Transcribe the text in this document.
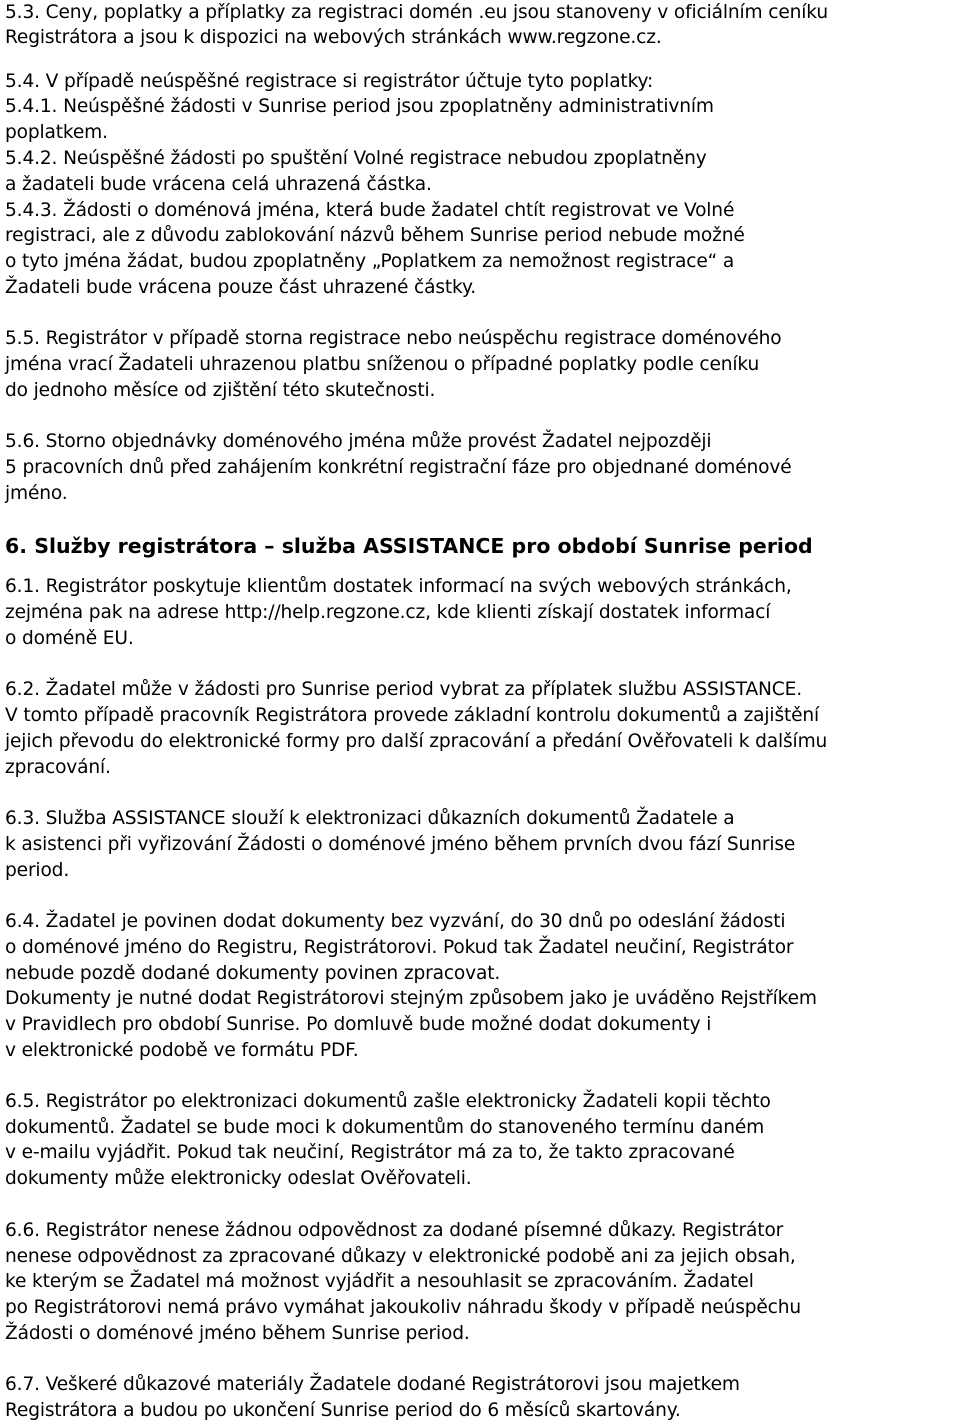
5.3. Ceny, poplatky a příplatky za registraci domén .eu jsou stanoveny v oficiálním ceníku

Registrátora a jsou k dispozici na webových stránkách www.regzone.cz.

5.4. V případě neúspěšné registrace si registrátor účtuje tyto poplatky:

5.4.1. Neúspěšné žádosti v Sunrise period jsou zpoplatněny administrativním

poplatkem.

5.4.2. Neúspěšné žádosti po spuštění Volné registrace nebudou zpoplatněny

a žadateli bude vrácena celá uhrazená částka.

5.4.3. Žádosti o doménová jména, která bude žadatel chtít registrovat ve Volné

registraci, ale z důvodu zablokování názvů během Sunrise period nebude možné

o tyto jména žádat, budou zpoplatněny „Poplatkem za nemožnost registrace“ a

Žadateli bude vrácena pouze část uhrazené částky.

5.5. Registrátor v případě storna registrace nebo neúspěchu registrace doménového

jména vrací Žadateli uhrazenou platbu sníženou o případné poplatky podle ceníku

do jednoho měsíce od zjištění této skutečnosti.

5.6. Storno objednávky doménového jména může provést Žadatel nejpozději

5 pracovních dnů před zahájením konkrétní registrační fáze pro objednané doménové

jméno.

6. Služby registrátora – služba ASSISTANCE pro období Sunrise period

6.1. Registrátor poskytuje klientům dostatek informací na svých webových stránkách,

zejména pak na adrese http://help.regzone.cz, kde klienti získají dostatek informací

o doméně EU.

6.2. Žadatel může v žádosti pro Sunrise period vybrat za příplatek službu ASSISTANCE.

V tomto případě pracovník Registrátora provede základní kontrolu dokumentů a zajištění

jejich převodu do elektronické formy pro další zpracování a předání Ověřovateli k dalšímu

zpracování.

6.3. Služba ASSISTANCE slouží k elektronizaci důkazních dokumentů Žadatele a

k asistenci při vyřizování Žádosti o doménové jméno během prvních dvou fází Sunrise

period.

6.4. Žadatel je povinen dodat dokumenty bez vyzvání, do 30 dnů po odeslání žádosti

o doménové jméno do Registru, Registrátorovi. Pokud tak Žadatel neučiní, Registrátor

nebude pozdě dodané dokumenty povinen zpracovat.

Dokumenty je nutné dodat Registrátorovi stejným způsobem jako je uváděno Rejstříkem

v Pravidlech pro období Sunrise. Po domluvě bude možné dodat dokumenty i

v elektronické podobě ve formátu PDF.

6.5. Registrátor po elektronizaci dokumentů zašle elektronicky Žadateli kopii těchto

dokumentů. Žadatel se bude moci k dokumentům do stanoveného termínu daném

v e-mailu vyjádřit. Pokud tak neučiní, Registrátor má za to, že takto zpracované

dokumenty může elektronicky odeslat Ověřovateli.

6.6. Registrátor nenese žádnou odpovědnost za dodané písemné důkazy. Registrátor

nenese odpovědnost za zpracované důkazy v elektronické podobě ani za jejich obsah,

ke kterým se Žadatel má možnost vyjádřit a nesouhlasit se zpracováním. Žadatel

po Registrátorovi nemá právo vymáhat jakoukoliv náhradu škody v případě neúspěchu

Žádosti o doménové jméno během Sunrise period.

6.7. Veškeré důkazové materiály Žadatele dodané Registrátorovi jsou majetkem

Registrátora a budou po ukončení Sunrise period do 6 měsíců skartovány.
